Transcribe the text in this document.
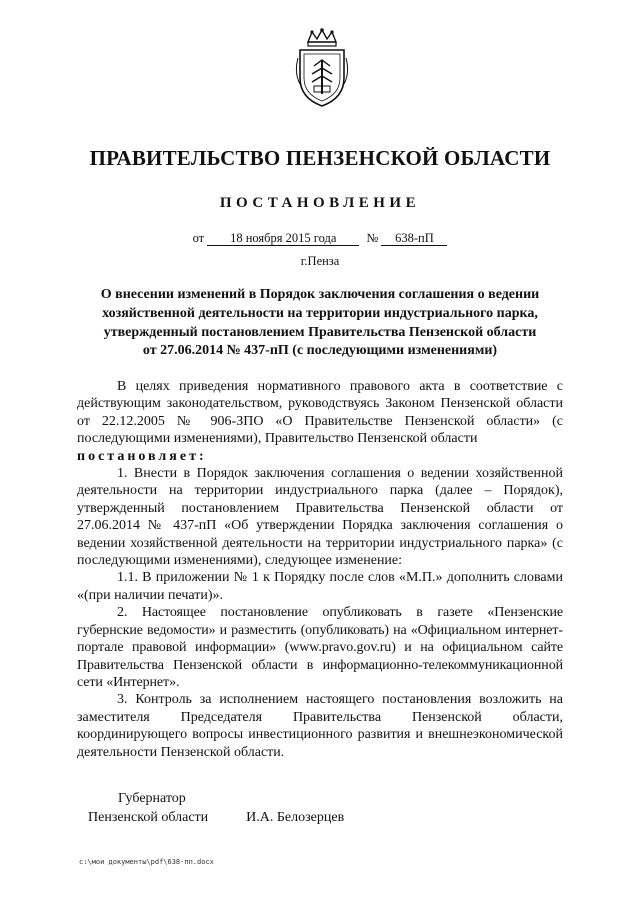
ПРАВИТЕЛЬСТВО ПЕНЗЕНСКОЙ ОБЛАСТИ
ПОСТАНОВЛЕНИЕ
от 18 ноября 2015 года № 638-пП
г.Пенза
О внесении изменений в Порядок заключения соглашения о ведении
хозяйственной деятельности на территории индустриального парка,
утвержденный постановлением Правительства Пензенской области
от 27.06.2014 № 437-пП (с последующими изменениями)

В целях приведения нормативного правового акта в соответствие с действующим законодательством, руководствуясь Законом Пензенской области от 22.12.2005 № 906-ЗПО «О Правительстве Пензенской области» (с последующими изменениями), Правительство Пензенской области

постановляет:

1. Внести в Порядок заключения соглашения о ведении хозяйственной деятельности на территории индустриального парка (далее – Порядок), утвержденный постановлением Правительства Пензенской области от 27.06.2014 № 437-пП «Об утверждении Порядка заключения соглашения о ведении хозяйственной деятельности на территории индустриального парка» (с последующими изменениями), следующее изменение:

1.1. В приложении № 1 к Порядку после слов «М.П.» дополнить словами «(при наличии печати)».

2. Настоящее постановление опубликовать в газете «Пензенские губернские ведомости» и разместить (опубликовать) на «Официальном интернет-портале правовой информации» (www.pravo.gov.ru) и на официальном сайте Правительства Пензенской области в информационно-телекоммуникационной сети «Интернет».

3. Контроль за исполнением настоящего постановления возложить на заместителя Председателя Правительства Пензенской области, координирующего вопросы инвестиционного развития и внешнеэкономической деятельности Пензенской области.

Губернатор
Пензенской области	И.А. Белозерцев
c:\мои документы\pdf\638-пп.docx
